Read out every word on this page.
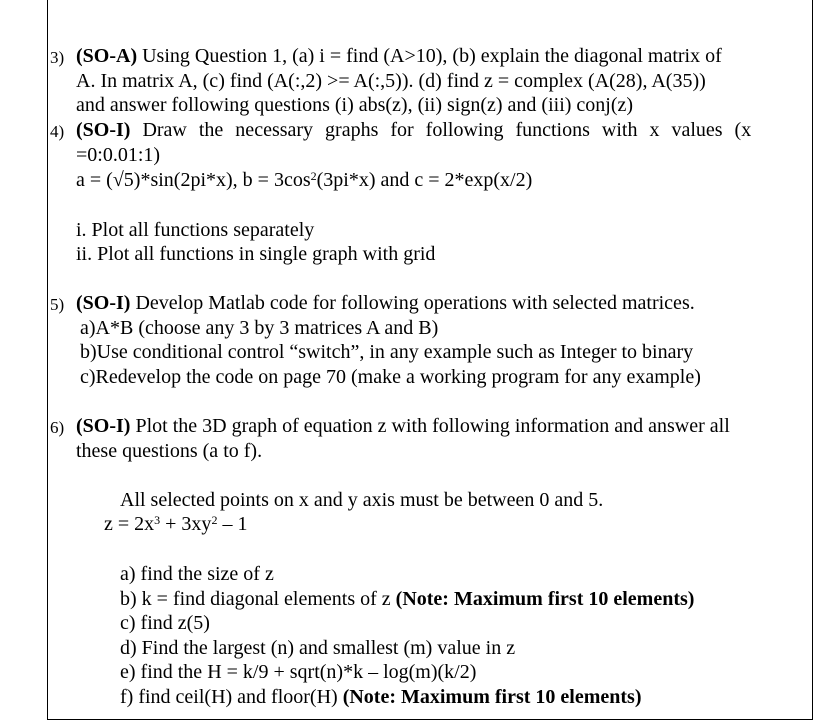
3) (SO-A) Using Question 1, (a) i = find (A>10), (b) explain the diagonal matrix of
A. In matrix A, (c) find (A(:,2) >= A(:,5)). (d) find z = complex (A(28), A(35))
and answer following questions (i) abs(z), (ii) sign(z) and (iii) conj(z)
4) (SO-I) Draw the necessary graphs for following functions with x values (x
=0:0.01:1)
a = (√5)*sin(2pi*x), $b = 3\cos^2(3pi*x)$ and c = 2*exp(x/2)
i. Plot all functions separately
ii. Plot all functions in single graph with grid
5) (SO-I) Develop Matlab code for following operations with selected matrices.
a)A*B (choose any 3 by 3 matrices A and B)
b)Use conditional control “switch”, in any example such as Integer to binary
c)Redevelop the code on page 70 (make a working program for any example)
6) (SO-I) Plot the 3D graph of equation z with following information and answer all
these questions (a to f).
All selected points on x and y axis must be between 0 and 5.
$z = 2x^3 + 3xy^2 - 1$
a) find the size of z
b) k = find diagonal elements of z (Note: Maximum first 10 elements)
c) find z(5)
d) Find the largest (n) and smallest (m) value in z
e) find the H = k/9 + sqrt(n)*k – log(m)(k/2)
f) find ceil(H) and floor(H) (Note: Maximum first 10 elements)
